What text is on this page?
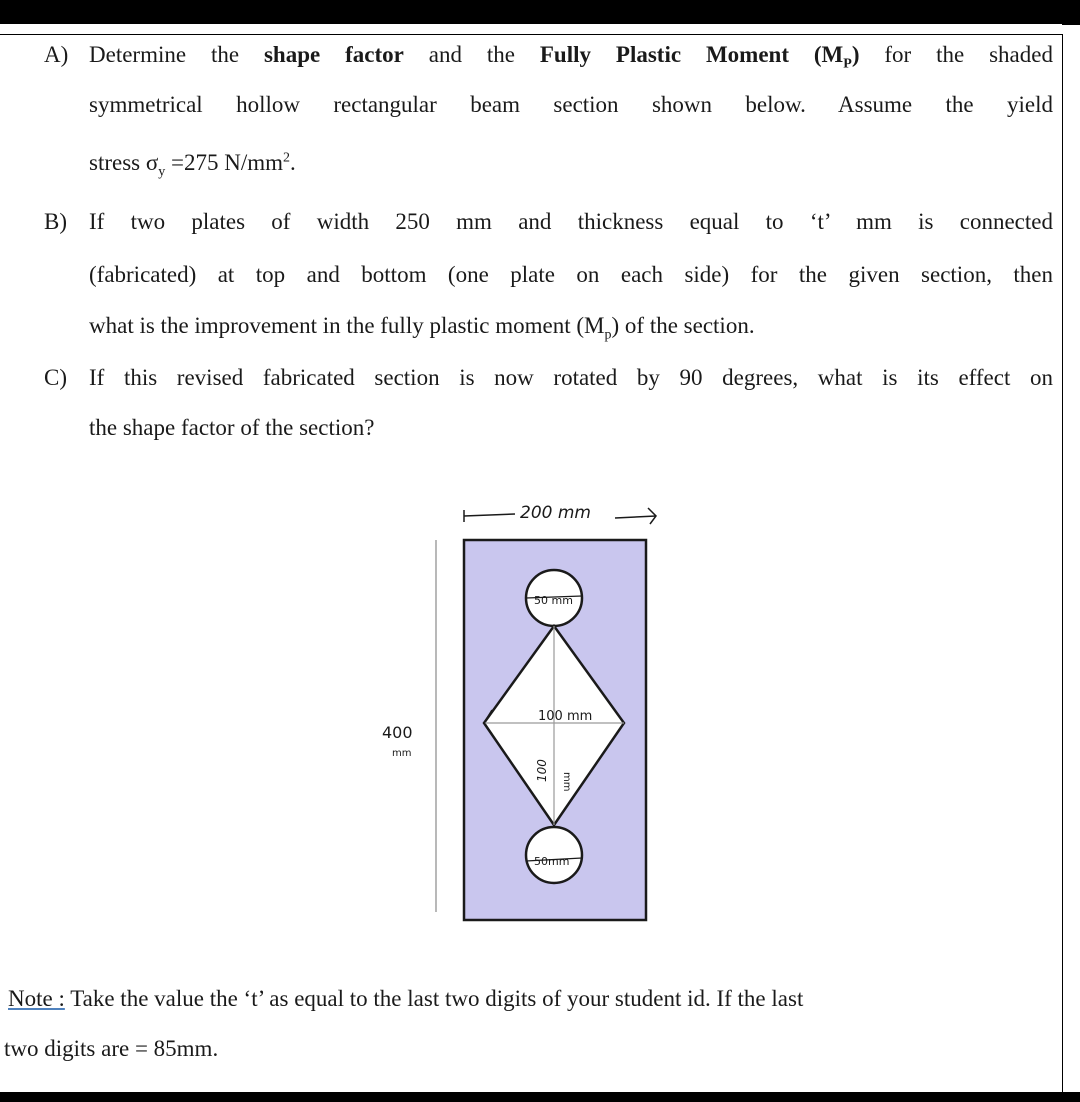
A) Determine the shape factor and the Fully Plastic Moment $(M_P)$ for the shaded
symmetrical hollow rectangular beam section shown below. Assume the yield
stress $\sigma_y =275$ $N/mm^2$.
B) If two plates of width 250 mm and thickness equal to ‘t’ mm is connected
(fabricated) at top and bottom (one plate on each side) for the given section, then
what is the improvement in the fully plastic moment $(M_p)$ of the section.
C) If this revised fabricated section is now rotated by 90 degrees, what is its effect on
the shape factor of the section?
200 mm
400
mm
50 mm
100 mm
100 mm
50mm
Note : Take the value the ‘t’ as equal to the last two digits of your student id. If the last
two digits are = 85mm.
